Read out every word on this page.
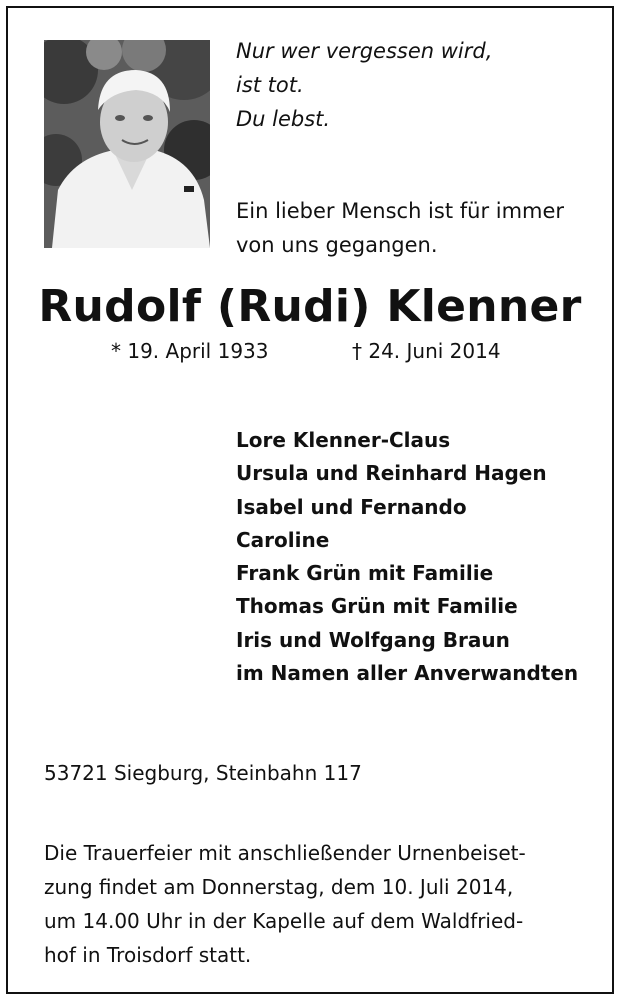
Nur wer vergessen wird,
ist tot.
Du lebst.
Ein lieber Mensch ist für immer
von uns gegangen.
Rudolf (Rudi) Klenner
* 19. April 1933	† 24. Juni 2014
Lore Klenner-Claus
Ursula und Reinhard Hagen
Isabel und Fernando
Caroline
Frank Grün mit Familie
Thomas Grün mit Familie
Iris und Wolfgang Braun
im Namen aller Anverwandten
53721 Siegburg, Steinbahn 117

Die Trauerfeier mit anschließender Urnenbeiset-
zung findet am Donnerstag, dem 10. Juli 2014,
um 14.00 Uhr in der Kapelle auf dem Waldfried-
hof in Troisdorf statt.
